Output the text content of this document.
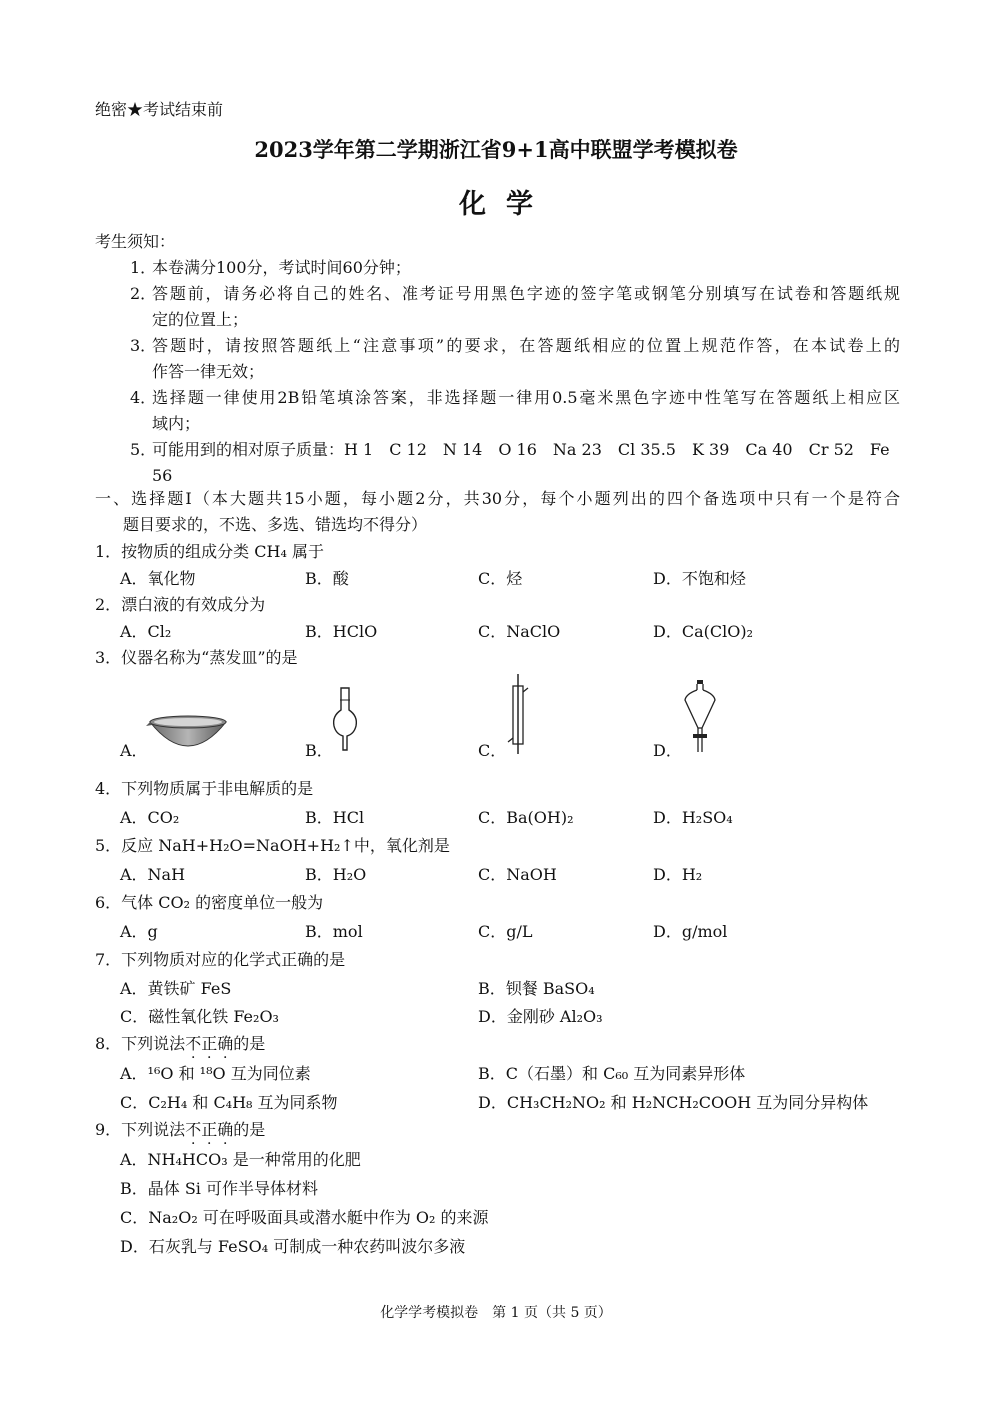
绝密★考试结束前
2023学年第二学期浙江省9+1高中联盟学考模拟卷
化学
考生须知：
1．
本卷满分100分，考试时间60分钟；
2．
答题前，请务必将自己的姓名、准考证号用黑色字迹的签字笔或钢笔分别填写在试卷和答题纸规
定的位置上；
3．
答题时，请按照答题纸上“注意事项”的要求，在答题纸相应的位置上规范作答，在本试卷上的
作答一律无效；
4．
选择题一律使用2B铅笔填涂答案，非选择题一律用0.5毫米黑色字迹中性笔写在答题纸上相应区
域内；
5．
可能用到的相对原子质量：H 1　C 12　N 14　O 16　Na 23　Cl 35.5　K 39　Ca 40　Cr 52　Fe 56
一、选择题Ⅰ（本大题共15小题，每小题2分，共30分，每个小题列出的四个备选项中只有一个是符合
题目要求的，不选、多选、错选均不得分）
1．按物质的组成分类 CH₄ 属于
A．氧化物	B．酸	C．烃	D．不饱和烃
2．漂白液的有效成分为
A．Cl₂	B．HClO	C．NaClO	D．Ca(ClO)₂
3．仪器名称为“蒸发皿”的是
A．	B．	C．	D．
4．下列物质属于非电解质的是
A．CO₂	B．HCl	C．Ba(OH)₂	D．H₂SO₄
5．反应 NaH+H₂O=NaOH+H₂↑中，氧化剂是
A．NaH	B．H₂O	C．NaOH	D．H₂
6．气体 CO₂ 的密度单位一般为
A．g	B．mol	C．g/L	D．g/mol
7．下列物质对应的化学式正确的是
A．黄铁矿 FeS	B．钡餐 BaSO₄
C．磁性氧化铁 Fe₂O₃	D．金刚砂 Al₂O₃
8．下列说法不正确的是
A．¹⁶O 和 ¹⁸O 互为同位素	B．C（石墨）和 C₆₀ 互为同素异形体
C．C₂H₄ 和 C₄H₈ 互为同系物	D．CH₃CH₂NO₂ 和 H₂NCH₂COOH 互为同分异构体
9．下列说法不正确的是
A．NH₄HCO₃ 是一种常用的化肥
B．晶体 Si 可作半导体材料
C．Na₂O₂ 可在呼吸面具或潜水艇中作为 O₂ 的来源
D．石灰乳与 FeSO₄ 可制成一种农药叫波尔多液
化学学考模拟卷　第 1 页（共 5 页）
